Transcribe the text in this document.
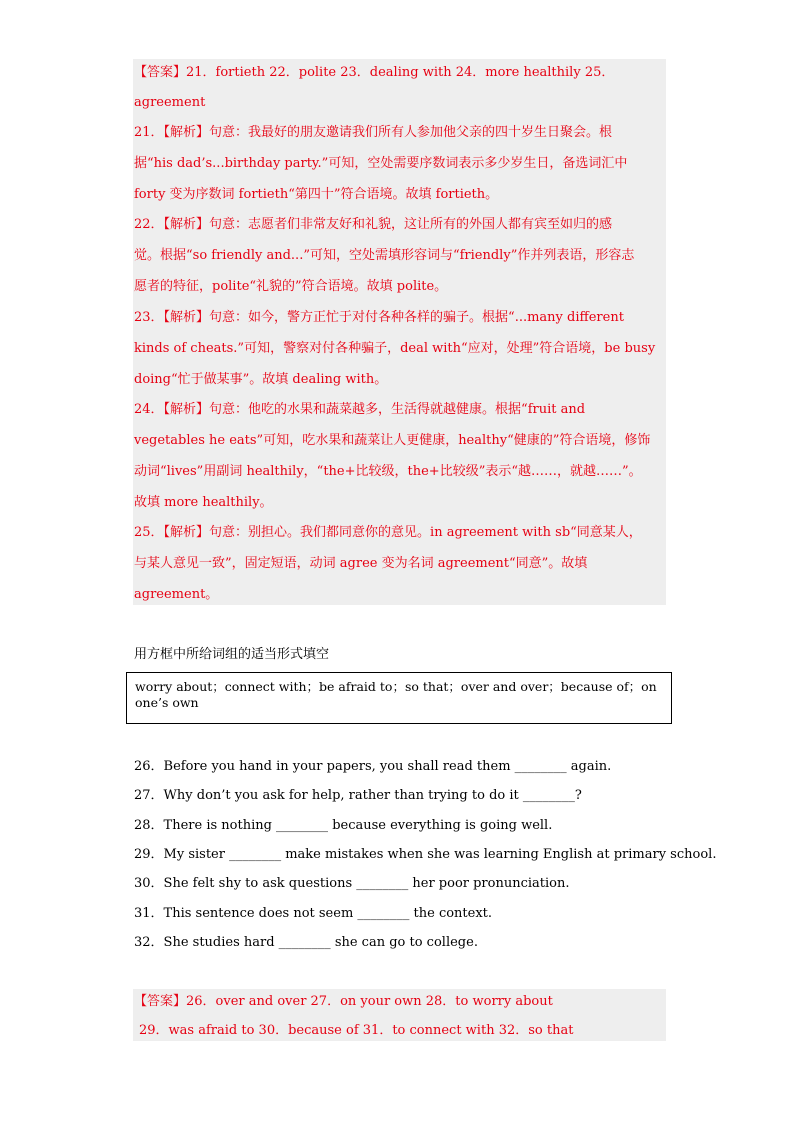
【答案】21．fortieth 22．polite 23．dealing with 24．more healthily 25．
agreement
21．【解析】句意：我最好的朋友邀请我们所有人参加他父亲的四十岁生日聚会。根
据“his dad’s...birthday party.”可知，空处需要序数词表示多少岁生日，备选词汇中
forty 变为序数词 fortieth“第四十”符合语境。故填 fortieth。
22．【解析】句意：志愿者们非常友好和礼貌，这让所有的外国人都有宾至如归的感
觉。根据“so friendly and...”可知，空处需填形容词与“friendly”作并列表语，形容志
愿者的特征，polite“礼貌的”符合语境。故填 polite。
23．【解析】句意：如今，警方正忙于对付各种各样的骗子。根据“...many different
kinds of cheats.”可知，警察对付各种骗子，deal with“应对，处理”符合语境，be busy
doing“忙于做某事”。故填 dealing with。
24．【解析】句意：他吃的水果和蔬菜越多，生活得就越健康。根据“fruit and
vegetables he eats”可知，吃水果和蔬菜让人更健康，healthy“健康的”符合语境，修饰
动词“lives”用副词 healthily，“the+比较级，the+比较级”表示“越……，就越……”。
故填 more healthily。
25．【解析】句意：别担心。我们都同意你的意见。in agreement with sb“同意某人，
与某人意见一致”，固定短语，动词 agree 变为名词 agreement“同意”。故填
agreement。
用方框中所给词组的适当形式填空
worry about；connect with；be afraid to；so that；over and over；because of；on one’s own
26．Before you hand in your papers, you shall read them ________ again.
27．Why don’t you ask for help, rather than trying to do it ________?
28．There is nothing ________ because everything is going well.
29．My sister ________ make mistakes when she was learning English at primary school.
30．She felt shy to ask questions ________ her poor pronunciation.
31．This sentence does not seem ________ the context.
32．She studies hard ________ she can go to college.
【答案】26．over and over 27．on your own 28．to worry about
29．was afraid to 30．because of 31．to connect with 32．so that
